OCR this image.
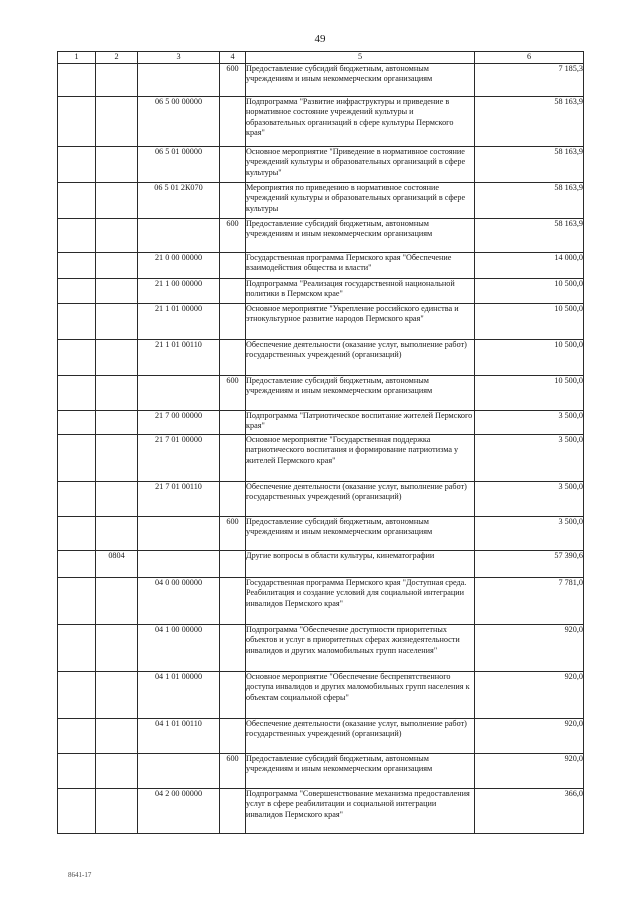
49
1	2	3	4	5	6
			600	Предоставление субсидий бюджетным, автономным учреждениям и иным некоммерческим организациям	7 185,3
		06 5 00 00000		Подпрограмма "Развитие инфраструктуры и приведение в нормативное состояние учреждений культуры и образовательных организаций в сфере культуры Пермского края"	58 163,9
		06 5 01 00000		Основное мероприятие "Приведение в нормативное состояние учреждений культуры и образовательных организаций в сфере культуры"	58 163,9
		06 5 01 2К070		Мероприятия по приведению в нормативное состояние учреждений культуры и образовательных организаций в сфере культуры	58 163,9
			600	Предоставление субсидий бюджетным, автономным учреждениям и иным некоммерческим организациям	58 163,9
		21 0 00 00000		Государственная программа Пермского края "Обеспечение взаимодействия общества и власти"	14 000,0
		21 1 00 00000		Подпрограмма "Реализация государственной национальной политики в Пермском крае"	10 500,0
		21 1 01 00000		Основное мероприятие "Укрепление российского единства и этнокультурное развитие народов Пермского края"	10 500,0
		21 1 01 00110		Обеспечение деятельности (оказание услуг, выполнение работ) государственных учреждений (организаций)	10 500,0
			600	Предоставление субсидий бюджетным, автономным учреждениям и иным некоммерческим организациям	10 500,0
		21 7 00 00000		Подпрограмма "Патриотическое воспитание жителей Пермского края"	3 500,0
		21 7 01 00000		Основное мероприятие "Государственная поддержка патриотического воспитания и формирование патриотизма у жителей Пермского края"	3 500,0
		21 7 01 00110		Обеспечение деятельности (оказание услуг, выполнение работ) государственных учреждений (организаций)	3 500,0
			600	Предоставление субсидий бюджетным, автономным учреждениям и иным некоммерческим организациям	3 500,0
	0804			Другие вопросы в области культуры, кинематографии	57 390,6
		04 0 00 00000		Государственная программа Пермского края "Доступная среда. Реабилитация и создание условий для социальной интеграции инвалидов Пермского края"	7 781,0
		04 1 00 00000		Подпрограмма "Обеспечение доступности приоритетных объектов и услуг в приоритетных сферах жизнедеятельности инвалидов и других маломобильных групп населения"	920,0
		04 1 01 00000		Основное мероприятие "Обеспечение беспрепятственного доступа инвалидов и других маломобильных групп населения к объектам социальной сферы"	920,0
		04 1 01 00110		Обеспечение деятельности (оказание услуг, выполнение работ) государственных учреждений (организаций)	920,0
			600	Предоставление субсидий бюджетным, автономным учреждениям и иным некоммерческим организациям	920,0
		04 2 00 00000		Подпрограмма "Совершенствование механизма предоставления услуг в сфере реабилитации и социальной интеграции инвалидов Пермского края"	366,0
8641-17
